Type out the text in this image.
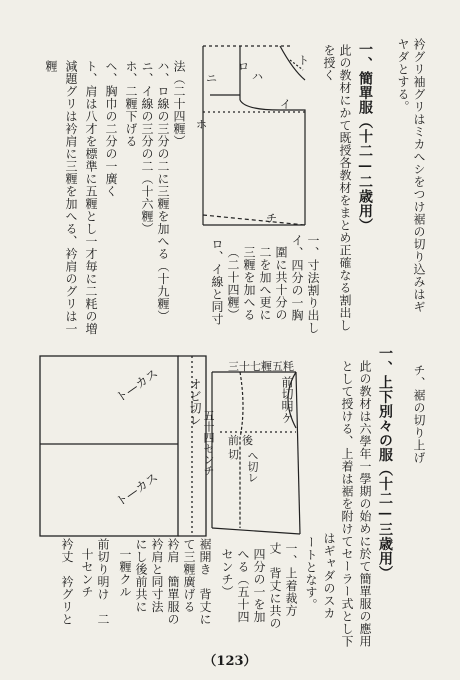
衿グリ袖グリはミカへシをつけ裾の切り込みはギ
ヤダとする。
一、簡單服（十二—二歳用）
此の教材にかて既授各教材をまとめ正確なる割出し
を授く
一、寸法割り出し
イ、四分の一胸
圍に共十分の
二を加へ更に
三糎を加へる
（二十四糎）
ロ、イ線と同寸
法（二十四糎）
ハ、ロ線の三分の二に三糎を加へる（十九糎）
ニ、イ線の三分の二（十六糎）
ホ、二糎下げる
ヘ、胸巾の二分の一廣く
ト、肩は八才を標準に五糎とし一才毎に二粍の増
減題グリは衿肩に三糎を加へる、衿肩のグリは一
糎	ロ
ハ
イ
ホ
ト
ニ
チ
チ、裾の切り上げ
一、上下別々の服（十二—三歳用）
此の教材は六學年一學期の始めに於て簡單服の應用
として授ける、上着は裾を附けてセーラー式とし下
はギャダのスカ
ートとなす。
一、上着裁方
丈　背丈に共の
四分の一を加
へる（五十四
センチ）
裾開き　背丈に
て三糎廣げる
衿肩　簡單服の
衿肩と同寸法
にし後前共に
一糎クル
前切り明け　二
十センチ
衿丈　衿グリと
ト—カス
ト—カス
オビ切レ
三十七糎五粍
前切明ケ
五十四センチ 前
切
後
へ切レ
（123）
